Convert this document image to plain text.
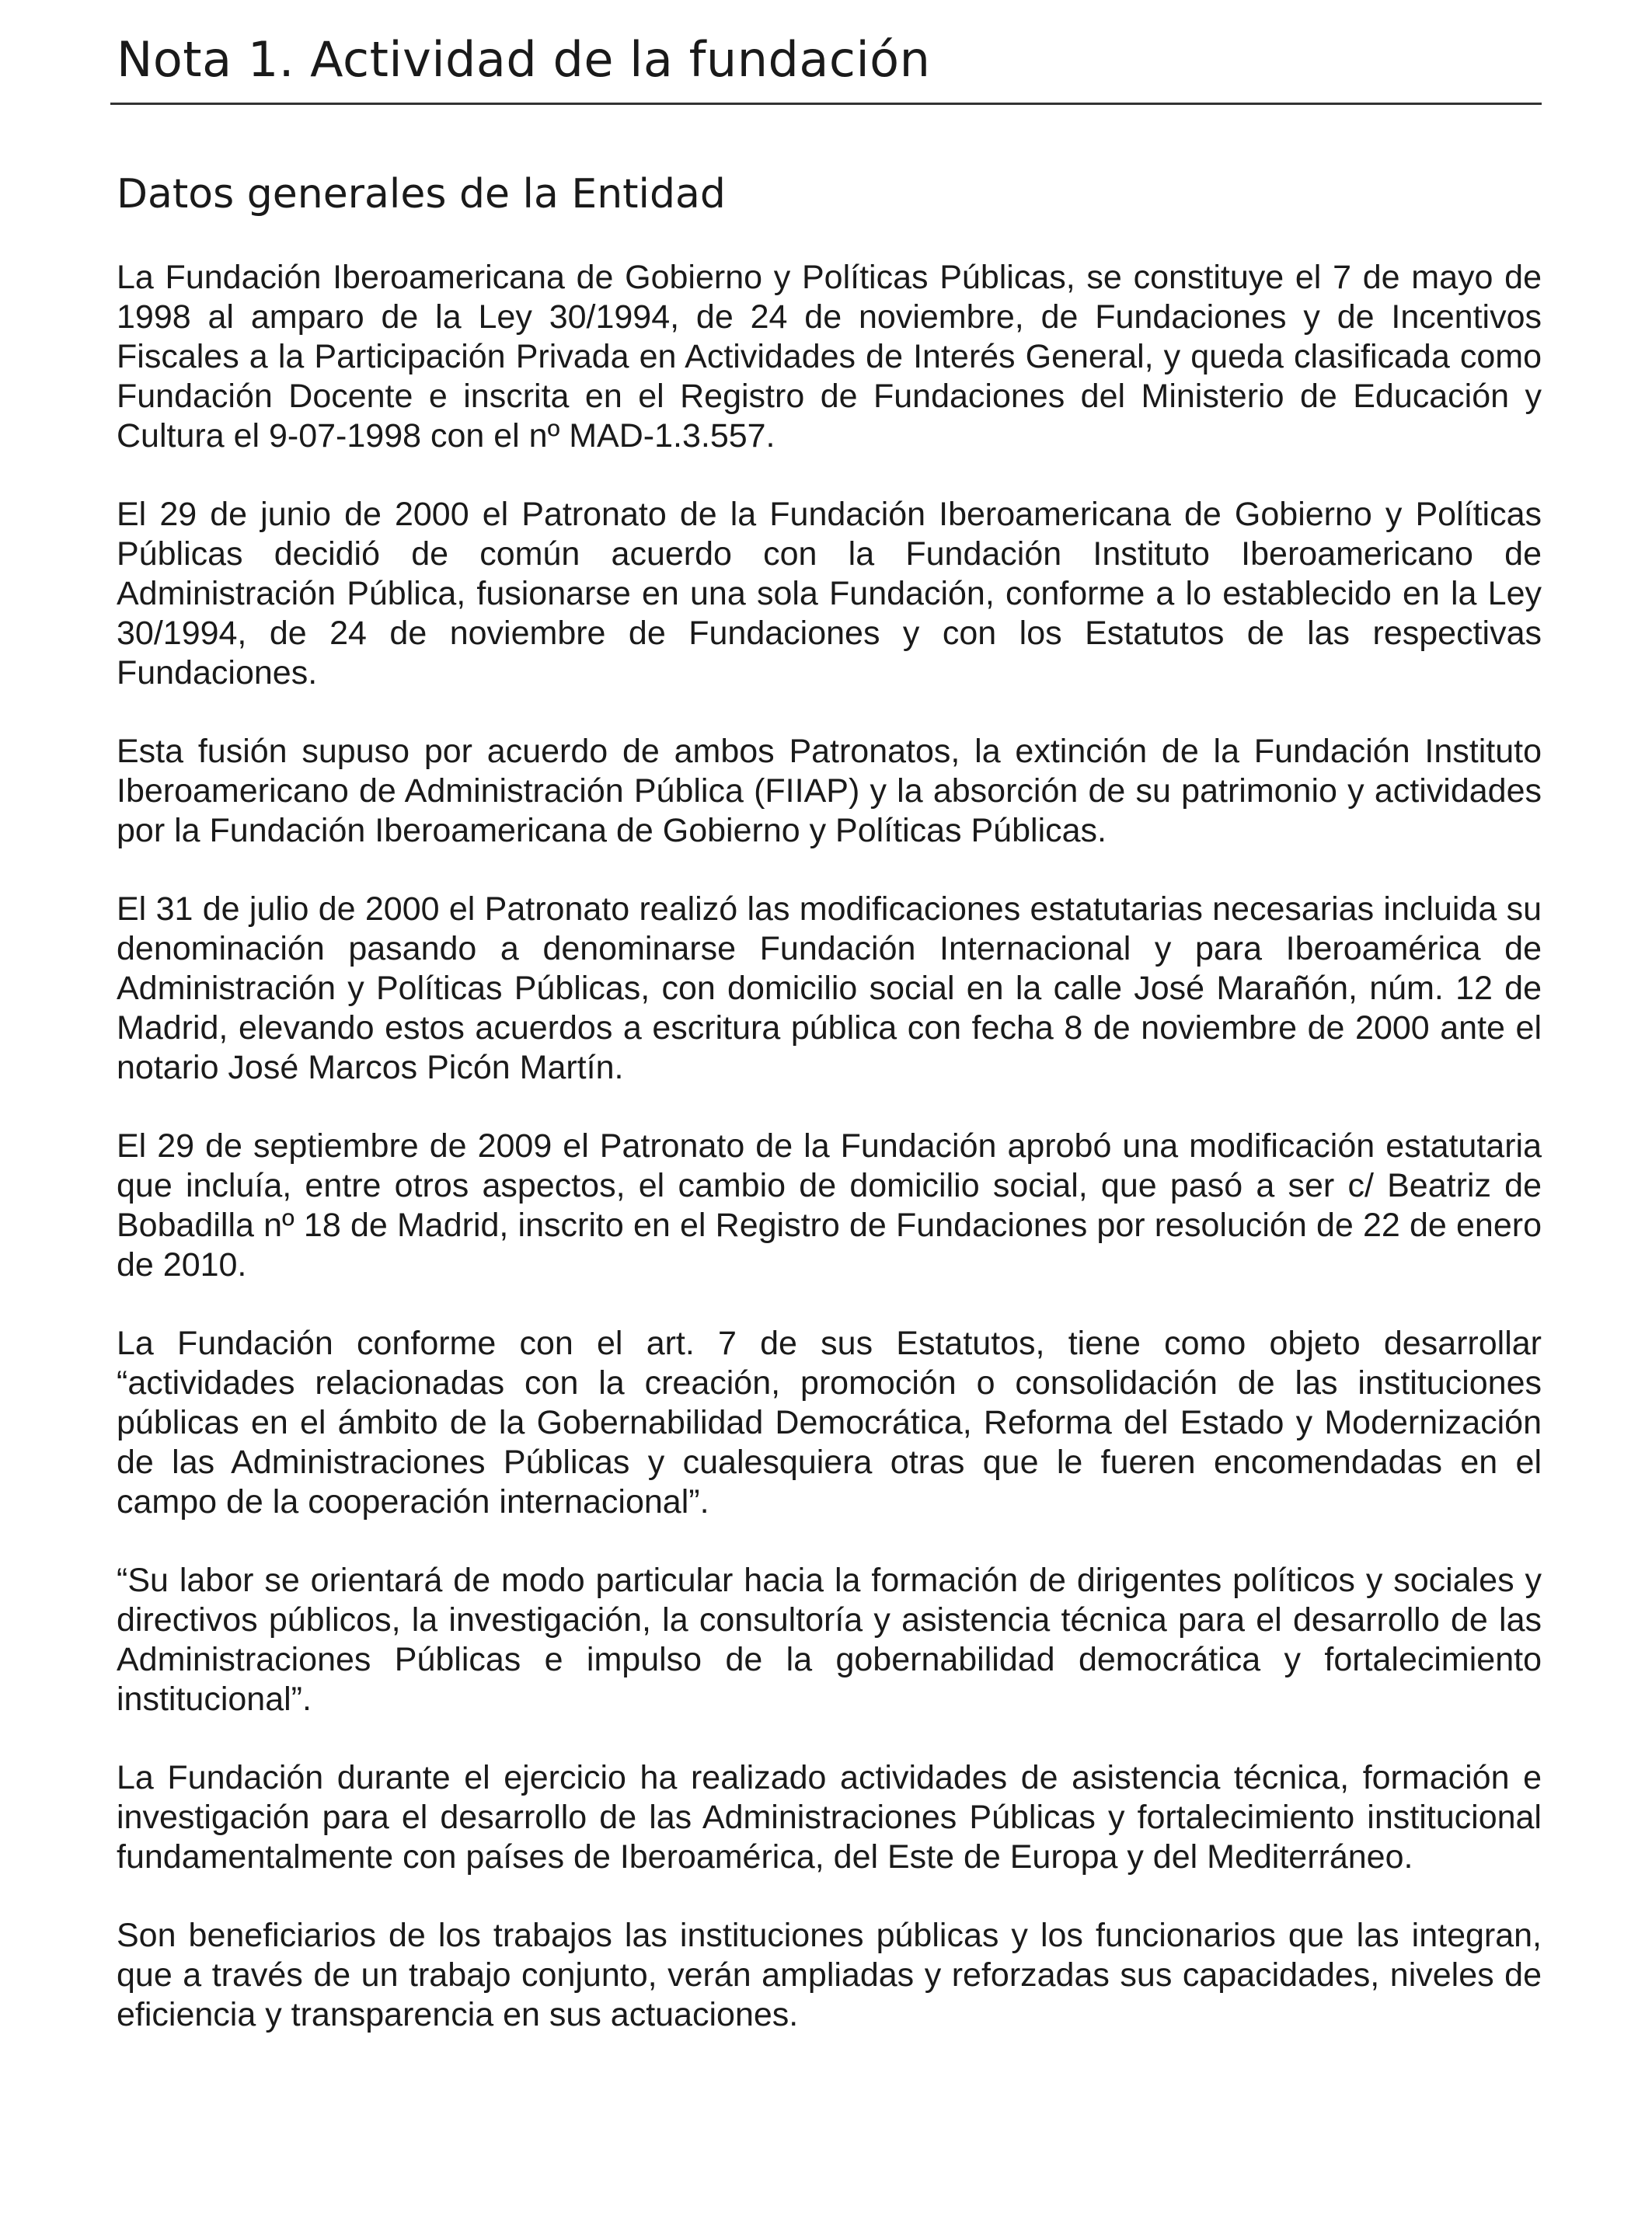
Nota 1. Actividad de la fundación
Datos generales de la Entidad

La Fundación Iberoamericana de Gobierno y Políticas Públicas, se constituye el 7 de mayo de 1998 al amparo de la Ley 30/1994, de 24 de noviembre, de Fundaciones y de Incentivos Fiscales a la Participación Privada en Actividades de Interés General, y queda clasificada como Fundación Docente e inscrita en el Registro de Fundaciones del Ministerio de Educación y Cultura el 9-07-1998 con el nº MAD-1.3.557.

El 29 de junio de 2000 el Patronato de la Fundación Iberoamericana de Gobierno y Políticas Públicas decidió de común acuerdo con la Fundación Instituto Iberoamericano de Administración Pública, fusionarse en una sola Fundación, conforme a lo establecido en la Ley 30/1994, de 24 de noviembre de Fundaciones y con los Estatutos de las respectivas Fundaciones.

Esta fusión supuso por acuerdo de ambos Patronatos, la extinción de la Fundación Instituto Iberoamericano de Administración Pública (FIIAP) y la absorción de su patrimonio y actividades por la Fundación Iberoamericana de Gobierno y Políticas Públicas.

El 31 de julio de 2000 el Patronato realizó las modificaciones estatutarias necesarias incluida su denominación pasando a denominarse Fundación Internacional y para Iberoamérica de Administración y Políticas Públicas, con domicilio social en la calle José Marañón, núm. 12 de Madrid, elevando estos acuerdos a escritura pública con fecha 8 de noviembre de 2000 ante el notario José Marcos Picón Martín.

El 29 de septiembre de 2009 el Patronato de la Fundación aprobó una modificación estatutaria que incluía, entre otros aspectos, el cambio de domicilio social, que pasó a ser c/ Beatriz de Bobadilla nº 18 de Madrid, inscrito en el Registro de Fundaciones por resolución de 22 de enero de 2010.

La Fundación conforme con el art. 7 de sus Estatutos, tiene como objeto desarrollar “actividades relacionadas con la creación, promoción o consolidación de las instituciones públicas en el ámbito de la Gobernabilidad Democrática, Reforma del Estado y Modernización de las Administraciones Públicas y cualesquiera otras que le fueren encomendadas en el campo de la cooperación internacional”.

“Su labor se orientará de modo particular hacia la formación de dirigentes políticos y sociales y directivos públicos, la investigación, la consultoría y asistencia técnica para el desarrollo de las Administraciones Públicas e impulso de la gobernabilidad democrática y fortalecimiento institucional”.

La Fundación durante el ejercicio ha realizado actividades de asistencia técnica, formación e investigación para el desarrollo de las Administraciones Públicas y fortalecimiento institucional fundamentalmente con países de Iberoamérica, del Este de Europa y del Mediterráneo.

Son beneficiarios de los trabajos las instituciones públicas y los funcionarios que las integran, que a través de un trabajo conjunto, verán ampliadas y reforzadas sus capacidades, niveles de eficiencia y transparencia en sus actuaciones.
